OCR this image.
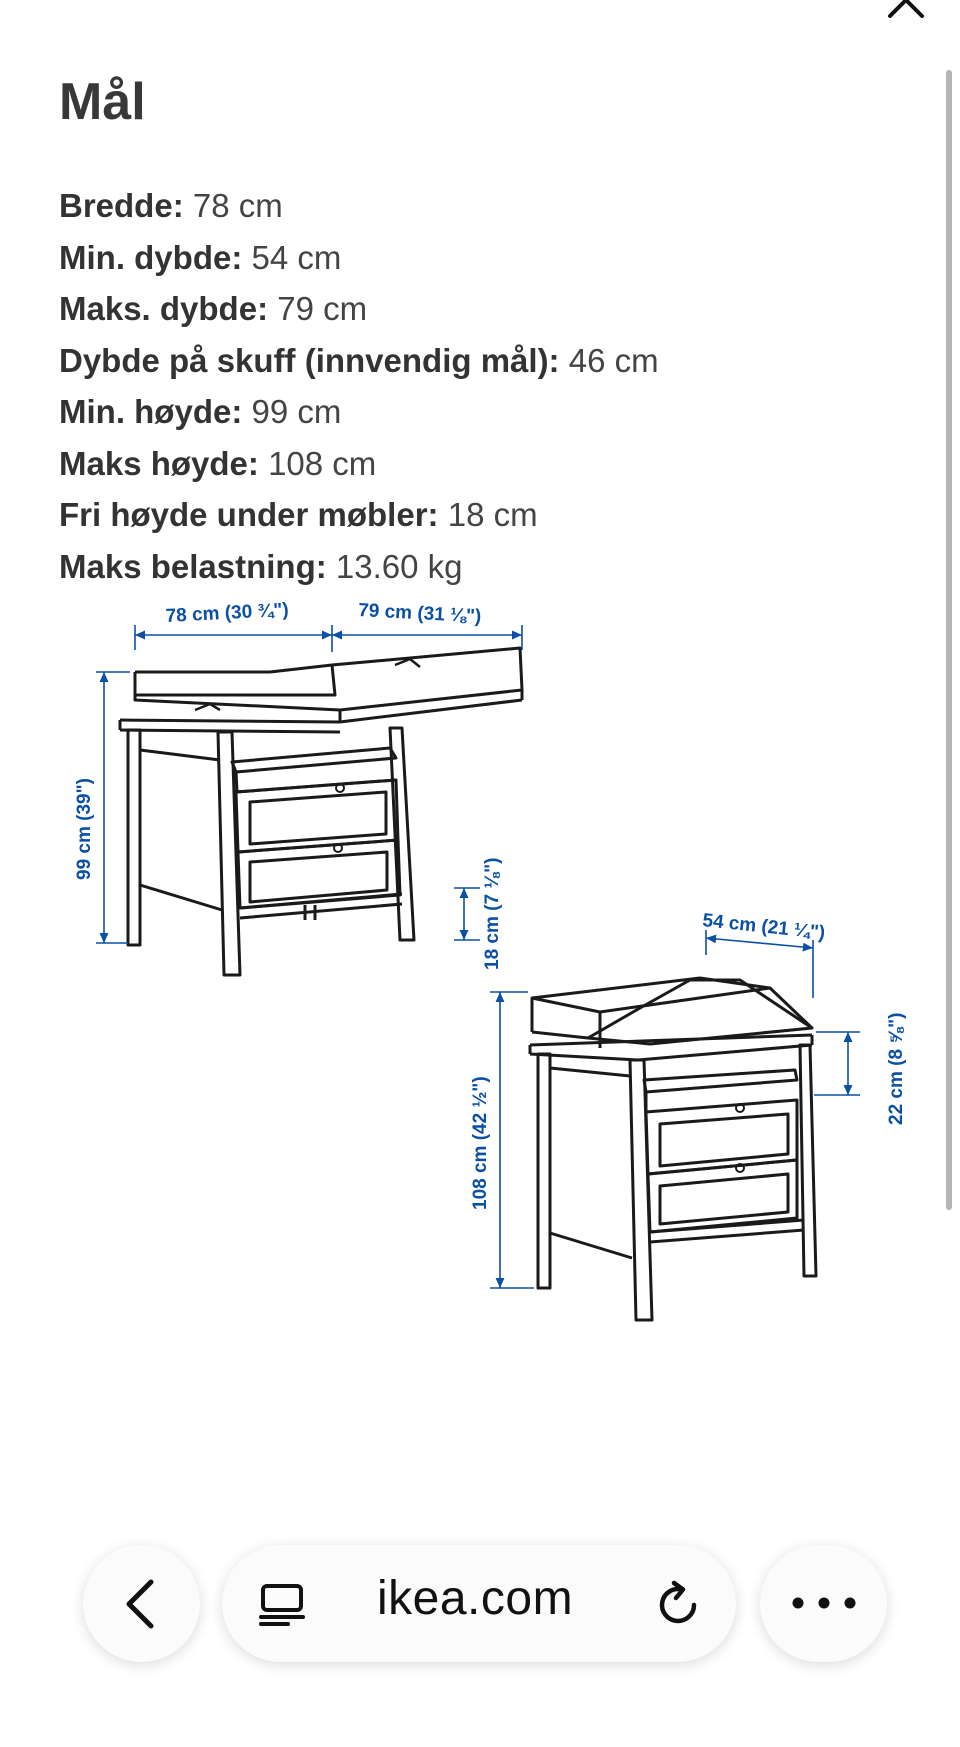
Mål
Bredde: 78 cm
Min. dybde: 54 cm
Maks. dybde: 79 cm
Dybde på skuff (innvendig mål): 46 cm
Min. høyde: 99 cm
Maks høyde: 108 cm
Fri høyde under møbler: 18 cm
Maks belastning: 13.60 kg
78 cm (30 ¾")	79 cm (31 ⅛")
99 cm (39")
18 cm (7 ⅛")	54 cm (21 ¼")
22 cm (8 ⅝")
108 cm (42 ½")
ikea.com
